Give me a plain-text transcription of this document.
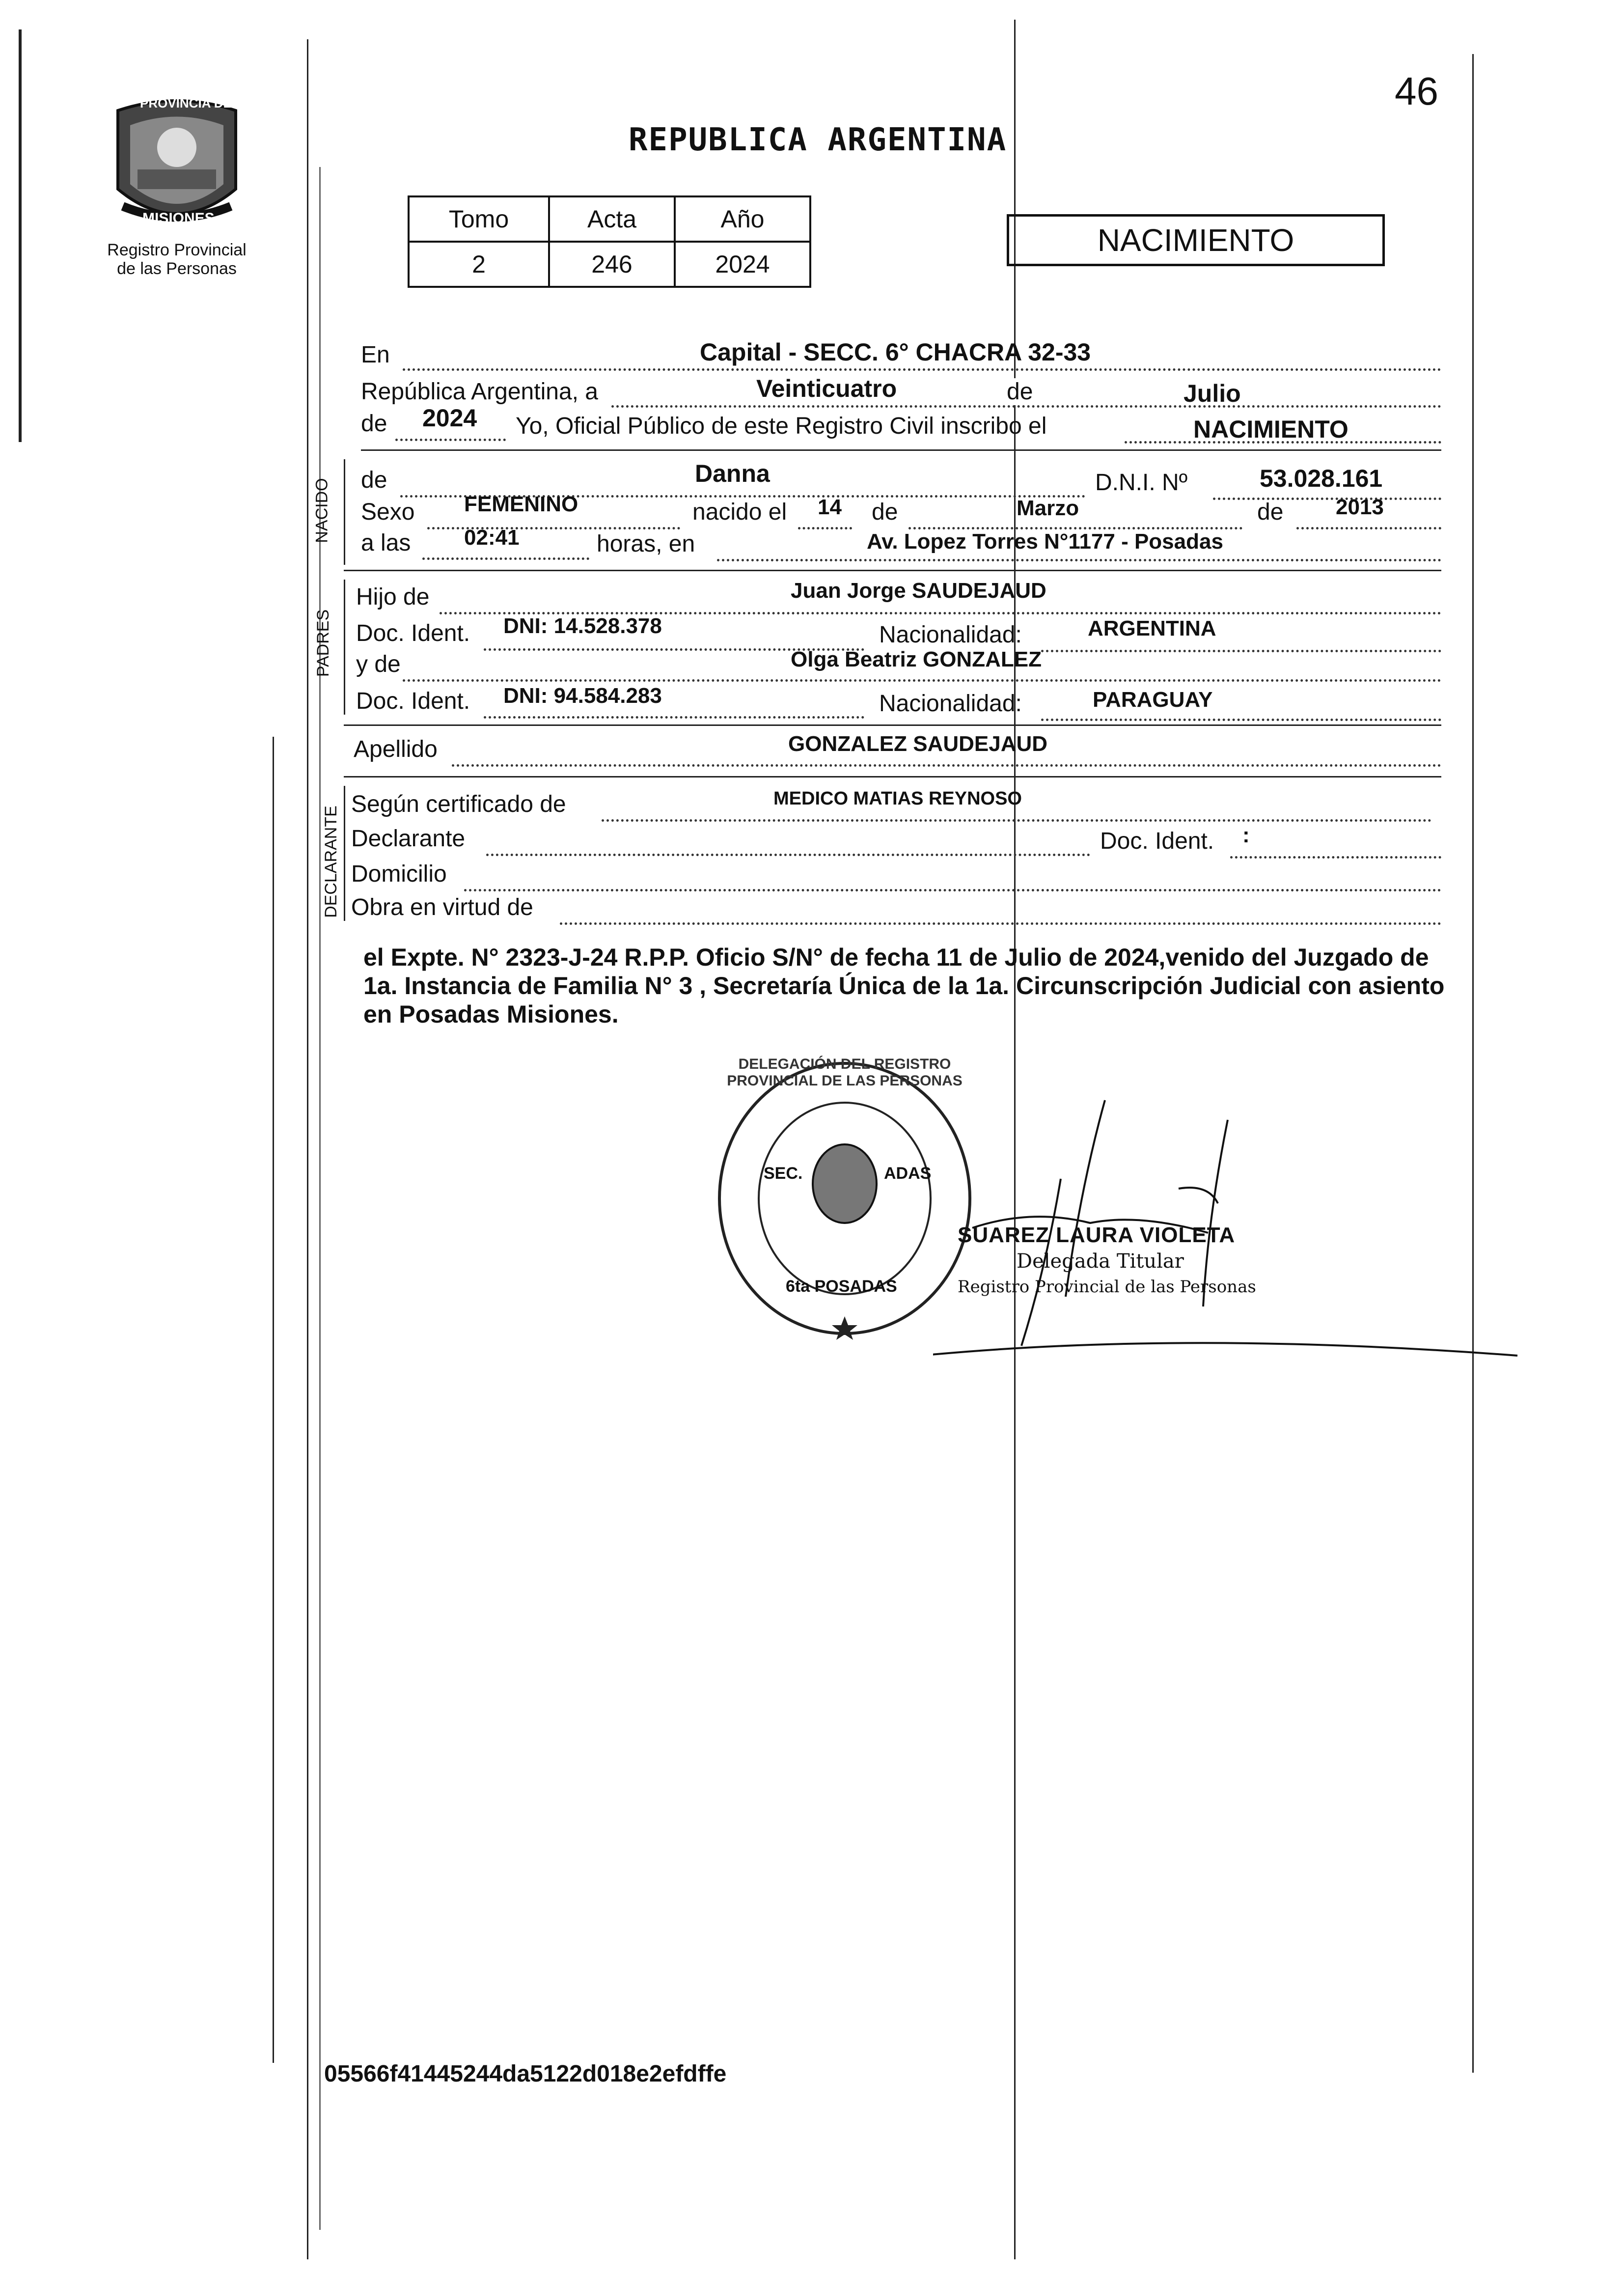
PROVINCIA DE
MISIONES
Registro Provincial
de las Personas
46
REPUBLICA ARGENTINA
Tomo	Acta	Año
2	246	2024
NACIMIENTO
En	Capital - SECC. 6° CHACRA 32-33
República Argentina, a	Veinticuatro	de	Julio
de 2024 Yo, Oficial Público de este Registro Civil inscribo el	NACIMIENTO
NACIDO de	Danna	D.N.I. Nº	53.028.161
Sexo FEMENINO	nacido el 14 de	Marzo	de 2013
a las 02:41	horas, en	Av. Lopez Torres N°1177 - Posadas
PADRES
Hijo de	Juan Jorge SAUDEJAUD
Doc. Ident. DNI: 14.528.378	Nacionalidad:	ARGENTINA
y de	Olga Beatriz GONZALEZ
Doc. Ident. DNI: 94.584.283	Nacionalidad:	PARAGUAY
Apellido	GONZALEZ SAUDEJAUD
DECLARANTE
Según certificado de	MEDICO MATIAS REYNOSO
Declarante	Doc. Ident. :
Domicilio
Obra en virtud de
el Expte. N° 2323-J-24 R.P.P. Oficio S/N° de fecha 11 de Julio de 2024,venido del Juzgado de 1a. Instancia de Familia N° 3 , Secretaría Única de la 1a. Circunscripción Judicial con asiento en Posadas Misiones.
DELEGACIÓN DEL REGISTRO PROVINCIAL DE LAS PERSONAS
SEC.	ADAS
6ta POSADAS
SUAREZ LAURA VIOLETA
Delegada Titular
Registro Provincial de las Personas
05566f41445244da5122d018e2efdffe
